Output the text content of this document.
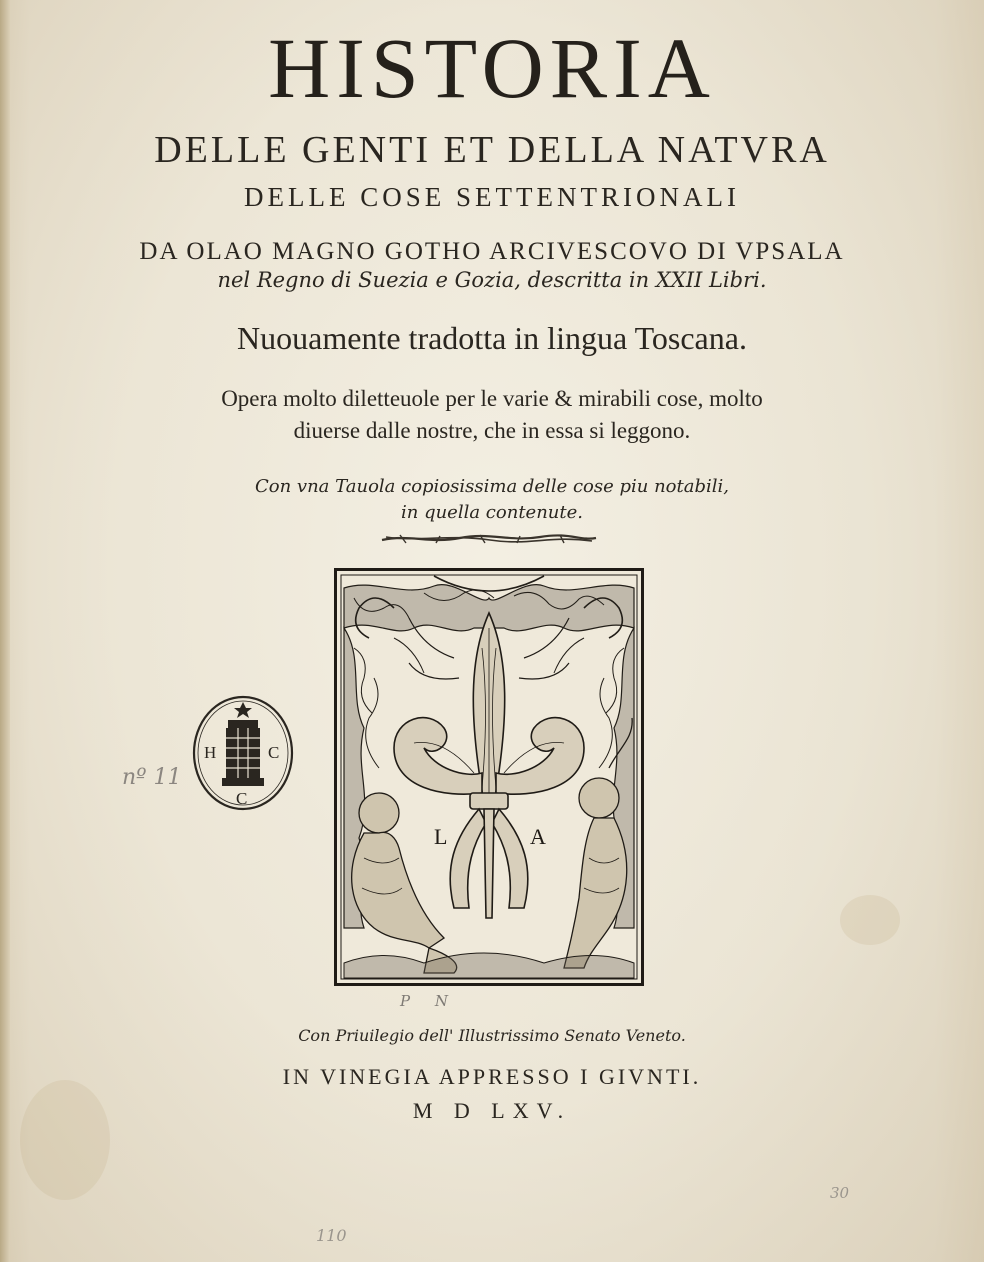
HISTORIA
DELLE GENTI ET DELLA NATVRA
DELLE COSE SETTENTRIONALI
DA OLAO MAGNO GOTHO ARCIVESCOVO DI VPSALA
nel Regno di Suezia e Gozia, descritta in XXII Libri.
Nuouamente tradotta in lingua Toscana.
Opera molto diletteuole per le varie & mirabili cose, molto
diuerse dalle nostre, che in essa si leggono.
Con vna Tauola copiosissima delle cose piu notabili,
in quella contenute.
L	A
H	C
C
nº 11
P N
Con Priuilegio dell' Illustrissimo Senato Veneto.
IN VINEGIA APPRESSO I GIVNTI.
M D LXV.
30
110
